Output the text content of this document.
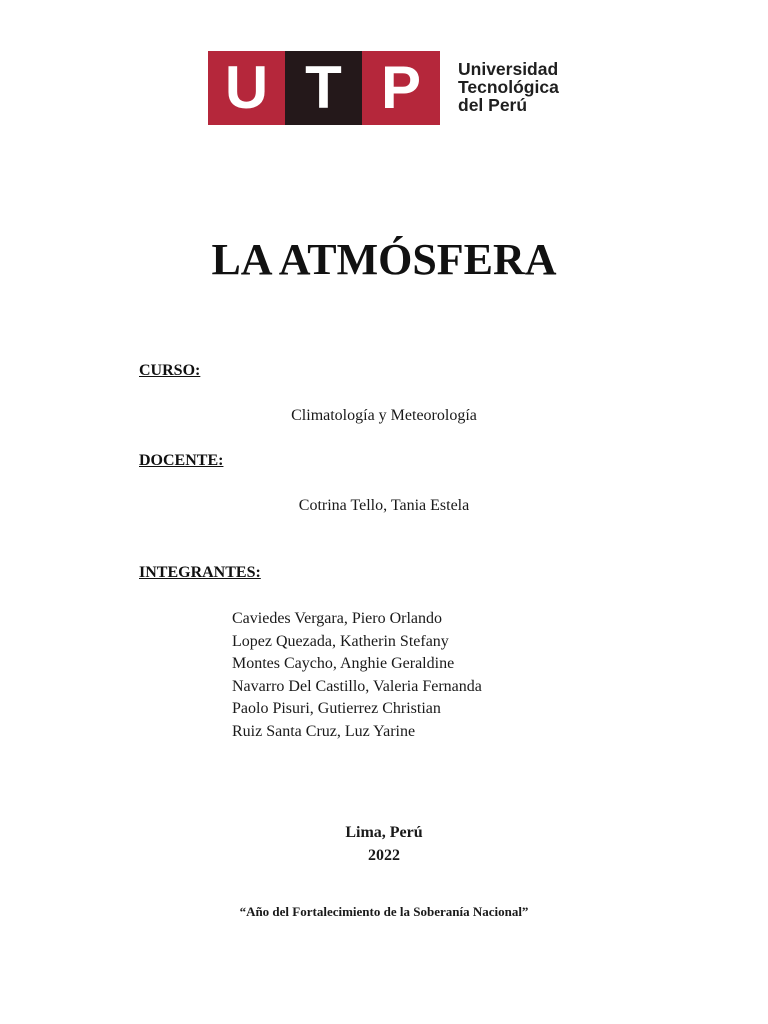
U T P Universidad
Tecnológica
del Perú
LA ATMÓSFERA
CURSO:
Climatología y Meteorología
DOCENTE:
Cotrina Tello, Tania Estela
INTEGRANTES:
Caviedes Vergara, Piero Orlando
Lopez Quezada, Katherin Stefany
Montes Caycho, Anghie Geraldine
Navarro Del Castillo, Valeria Fernanda
Paolo Pisuri, Gutierrez Christian
Ruiz Santa Cruz, Luz Yarine
Lima, Perú
2022
“Año del Fortalecimiento de la Soberanía Nacional”
